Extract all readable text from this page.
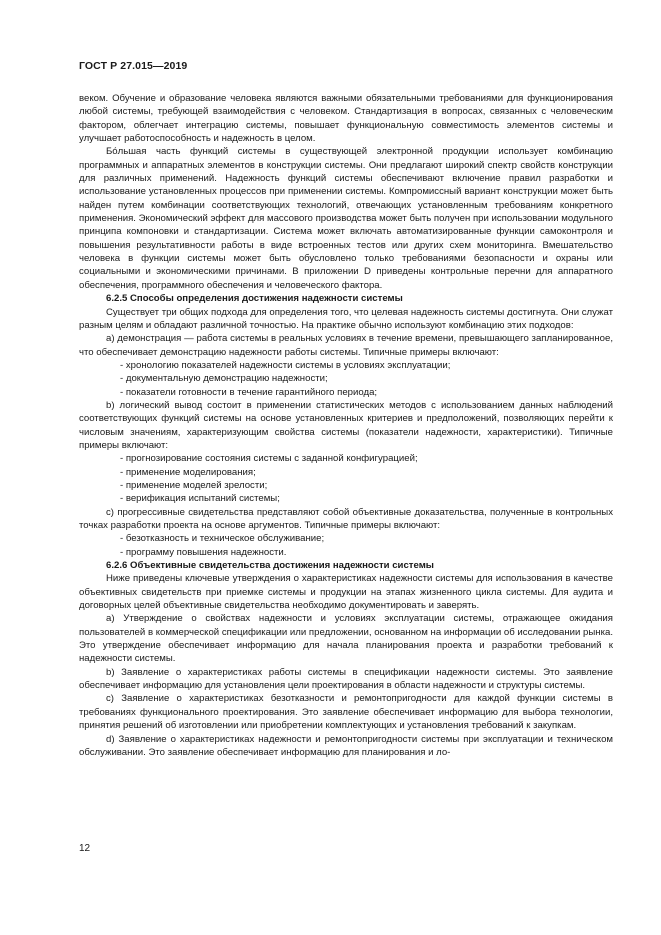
ГОСТ Р 27.015—2019

веком. Обучение и образование человека являются важными обязательными требованиями для функционирования любой системы, требующей взаимодействия с человеком. Стандартизация в вопросах, связанных с человеческим фактором, облегчает интеграцию системы, повышает функциональную совместимость элементов системы и улучшает работоспособность и надежность в целом.

Бо́льшая часть функций системы в существующей электронной продукции использует комбинацию программных и аппаратных элементов в конструкции системы. Они предлагают широкий спектр свойств конструкции для различных применений. Надежность функций системы обеспечивают включение правил разработки и использование установленных процессов при применении системы. Компромиссный вариант конструкции может быть найден путем комбинации соответствующих технологий, отвечающих установленным требованиям конкретного применения. Экономический эффект для массового производства может быть получен при использовании модульного принципа компоновки и стандартизации. Система может включать автоматизированные функции самоконтроля и повышения результативности работы в виде встроенных тестов или других схем мониторинга. Вмешательство человека в функции системы может быть обусловлено только требованиями безопасности и охраны или социальными и экономическими причинами. В приложении D приведены контрольные перечни для аппаратного обеспечения, программного обеспечения и человеческого фактора.

6.2.5 Способы определения достижения надежности системы

Существует три общих подхода для определения того, что целевая надежность системы достигнута. Они служат разным целям и обладают различной точностью. На практике обычно используют комбинацию этих подходов:

а) демонстрация — работа системы в реальных условиях в течение времени, превышающего запланированное, что обеспечивает демонстрацию надежности работы системы. Типичные примеры включают:

- хронологию показателей надежности системы в условиях эксплуатации;

- документальную демонстрацию надежности;

- показатели готовности в течение гарантийного периода;

b) логический вывод состоит в применении статистических методов с использованием данных наблюдений соответствующих функций системы на основе установленных критериев и предположений, позволяющих перейти к числовым значениям, характеризующим свойства системы (показатели надежности, характеристики). Типичные примеры включают:

- прогнозирование состояния системы с заданной конфигурацией;

- применение моделирования;

- применение моделей зрелости;

- верификация испытаний системы;

с) прогрессивные свидетельства представляют собой объективные доказательства, полученные в контрольных точках разработки проекта на основе аргументов. Типичные примеры включают:

- безотказность и техническое обслуживание;

- программу повышения надежности.

6.2.6 Объективные свидетельства достижения надежности системы

Ниже приведены ключевые утверждения о характеристиках надежности системы для использования в качестве объективных свидетельств при приемке системы и продукции на этапах жизненного цикла системы. Для аудита и договорных целей объективные свидетельства необходимо документировать и заверять.

а) Утверждение о свойствах надежности и условиях эксплуатации системы, отражающее ожидания пользователей в коммерческой спецификации или предложении, основанном на информации об исследовании рынка. Это утверждение обеспечивает информацию для начала планирования проекта и разработки требований к надежности системы.

b) Заявление о характеристиках работы системы в спецификации надежности системы. Это заявление обеспечивает информацию для установления цели проектирования в области надежности и структуры системы.

с) Заявление о характеристиках безотказности и ремонтопригодности для каждой функции системы в требованиях функционального проектирования. Это заявление обеспечивает информацию для выбора технологии, принятия решений об изготовлении или приобретении комплектующих и установления требований к закупкам.

d) Заявление о характеристиках надежности и ремонтопригодности системы при эксплуатации и техническом обслуживании. Это заявление обеспечивает информацию для планирования и ло-

12
